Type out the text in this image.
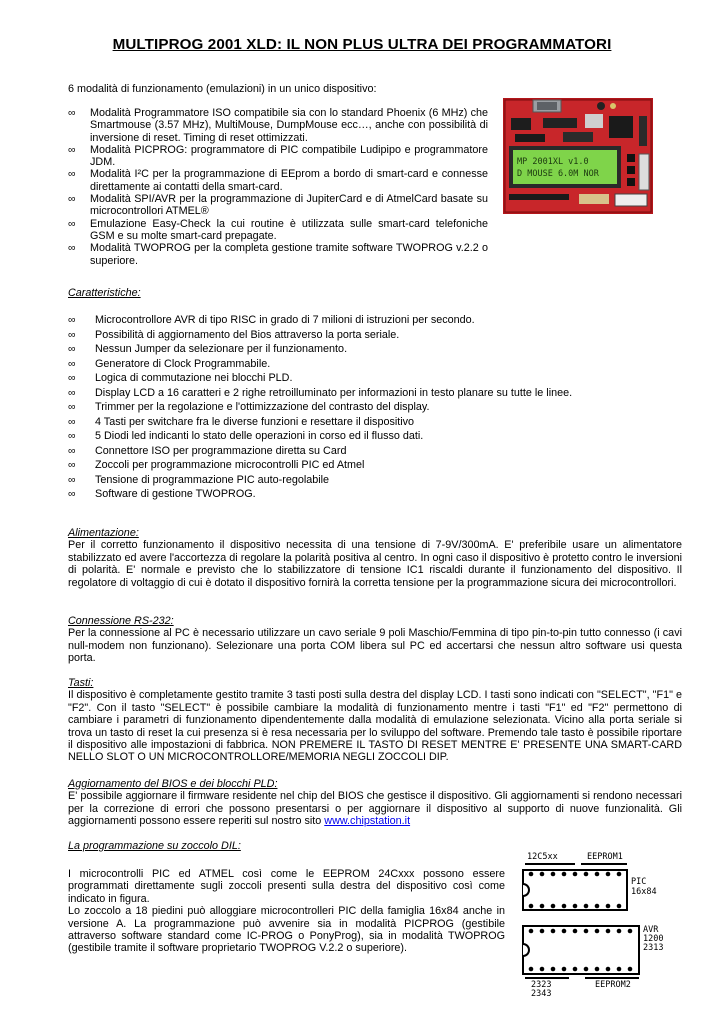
MULTIPROG 2001 XLD: IL NON PLUS ULTRA DEI PROGRAMMATORI
6 modalità di funzionamento (emulazioni) in un unico dispositivo:
∞ Modalità Programmatore ISO compatibile sia con lo standard Phoenix (6 MHz) che Smartmouse (3.57 MHz), MultiMouse, DumpMouse ecc…, anche con possibilità di inversione di reset. Timing di reset ottimizzati.
∞ Modalità PICPROG: programmatore di PIC compatibile Ludipipo e programmatore JDM.
∞ Modalità I²C per la programmazione di EEprom a bordo di smart-card e connesse direttamente ai contatti della smart-card.
∞ Modalità SPI/AVR per la programmazione di JupiterCard e di AtmelCard basate su microcontrollori ATMEL®
∞ Emulazione Easy-Check la cui routine è utilizzata sulle smart-card telefoniche GSM e su molte smart-card prepagate.
∞ Modalità TWOPROG per la completa gestione tramite software TWOPROG v.2.2 o superiore.
MP 2001XL v1.0
D MOUSE 6.0M NOR
Caratteristiche:
∞ Microcontrollore AVR di tipo RISC in grado di 7 milioni di istruzioni per secondo.
∞ Possibilità di aggiornamento del Bios attraverso la porta seriale.
∞ Nessun Jumper da selezionare per il funzionamento.
∞ Generatore di Clock Programmabile.
∞ Logica di commutazione nei blocchi PLD.
∞ Display LCD a 16 caratteri e 2 righe retroilluminato per informazioni in testo planare su tutte le linee.
∞ Trimmer per la regolazione e l'ottimizzazione del contrasto del display.
∞ 4 Tasti per switchare fra le diverse funzioni e resettare il dispositivo
∞ 5 Diodi led indicanti lo stato delle operazioni in corso ed il flusso dati.
∞ Connettore ISO per programmazione diretta su Card
∞ Zoccoli per programmazione microcontrolli PIC ed Atmel
∞ Tensione di programmazione PIC auto-regolabile
∞ Software di gestione TWOPROG.
Alimentazione:
Per il corretto funzionamento il dispositivo necessita di una tensione di 7-9V/300mA. E' preferibile usare un alimentatore stabilizzato ed avere l'accortezza di regolare la polarità positiva al centro. In ogni caso il dispositivo è protetto contro le inversioni di polarità. E' normale e previsto che lo stabilizzatore di tensione IC1 riscaldi durante il funzionamento del dispositivo. Il regolatore di voltaggio di cui è dotato il dispositivo fornirà la corretta tensione per la programmazione sicura dei microcontrollori.
Connessione RS-232:
Per la connessione al PC è necessario utilizzare un cavo seriale 9 poli Maschio/Femmina di tipo pin-to-pin tutto connesso (i cavi null-modem non funzionano). Selezionare una porta COM libera sul PC ed accertarsi che nessun altro software usi questa porta.
Tasti:
Il dispositivo è completamente gestito tramite 3 tasti posti sulla destra del display LCD. I tasti sono indicati con "SELECT", "F1" e "F2". Con il tasto "SELECT" è possibile cambiare la modalità di funzionamento mentre i tasti "F1" ed "F2" permettono di cambiare i parametri di funzionamento dipendentemente dalla modalità di emulazione selezionata. Vicino alla porta seriale si trova un tasto di reset la cui presenza si è resa necessaria per lo sviluppo del software. Premendo tale tasto è possibile riportare il dispositivo alle impostazioni di fabbrica. NON PREMERE IL TASTO DI RESET MENTRE E' PRESENTE UNA SMART-CARD NELLO SLOT O UN MICROCONTROLLORE/MEMORIA NEGLI ZOCCOLI DIP.
Aggiornamento del BIOS e dei blocchi PLD:
E' possibile aggiornare il firmware residente nel chip del BIOS che gestisce il dispositivo. Gli aggiornamenti si rendono necessari per la correzione di errori che possono presentarsi o per aggiornare il dispositivo al supporto di nuove funzionalità. Gli aggiornamenti possono essere reperiti sul nostro sito www.chipstation.it
La programmazione su zoccolo DIL:
I microcontrolli PIC ed ATMEL così come le EEPROM 24Cxxx possono essere programmati direttamente sugli zoccoli presenti sulla destra del dispositivo così come indicato in figura.
Lo zoccolo a 18 piedini può alloggiare microcontrolleri PIC della famiglia 16x84 anche in versione A. La programmazione può avvenire sia in modalità PICPROG (gestibile attraverso software standard come IC-PROG o PonyProg), sia in modalità TWOPROG (gestibile tramite il software proprietario TWOPROG V.2.2 o superiore).
12C5xx	EEPROM1
PIC
16x84
AVR
1200
2313
2323
2343
EEPROM2
